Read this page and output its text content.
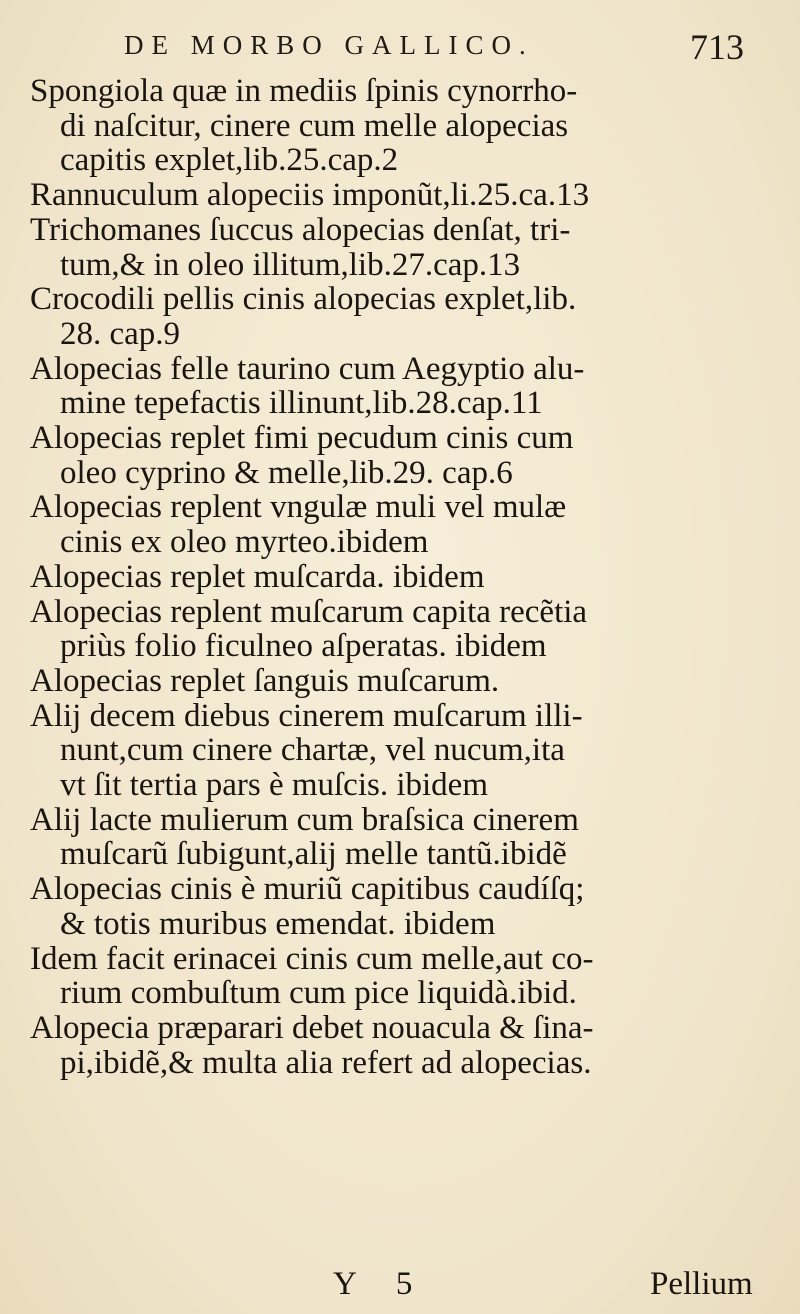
DE MORBO GALLICO.	713
Spongiola quæ in mediis ſpinis cynorrho-
di naſcitur, cinere cum melle alopecias
capitis explet,lib.25.cap.2
Rannuculum alopeciis imponũt,li.25.ca.13
Trichomanes ſuccus alopecias denſat, tri-
tum,& in oleo illitum,lib.27.cap.13
Crocodili pellis cinis alopecias explet,lib.
28. cap.9
Alopecias felle taurino cum Aegyptio alu-
mine tepefactis illinunt,lib.28.cap.11
Alopecias replet fimi pecudum cinis cum
oleo cyprino & melle,lib.29. cap.6
Alopecias replent vngulæ muli vel mulæ
cinis ex oleo myrteo.ibidem
Alopecias replet muſcarda. ibidem
Alopecias replent muſcarum capita recẽtia
priùs folio ficulneo aſperatas. ibidem
Alopecias replet ſanguis muſcarum.
Alij decem diebus cinerem muſcarum illi-
nunt,cum cinere chartæ, vel nucum,ita
vt ſit tertia pars è muſcis. ibidem
Alij lacte mulierum cum braſsica cinerem
muſcarũ ſubigunt,alij melle tantũ.ibidẽ
Alopecias cinis è muriũ capitibus caudíſq;
& totis muribus emendat. ibidem
Idem facit erinacei cinis cum melle,aut co-
rium combuſtum cum pice liquidà.ibid.
Alopecia præparari debet nouacula & ſina-
pi,ibidẽ,& multa alia refert ad alopecias.
Y 5	Pellium
